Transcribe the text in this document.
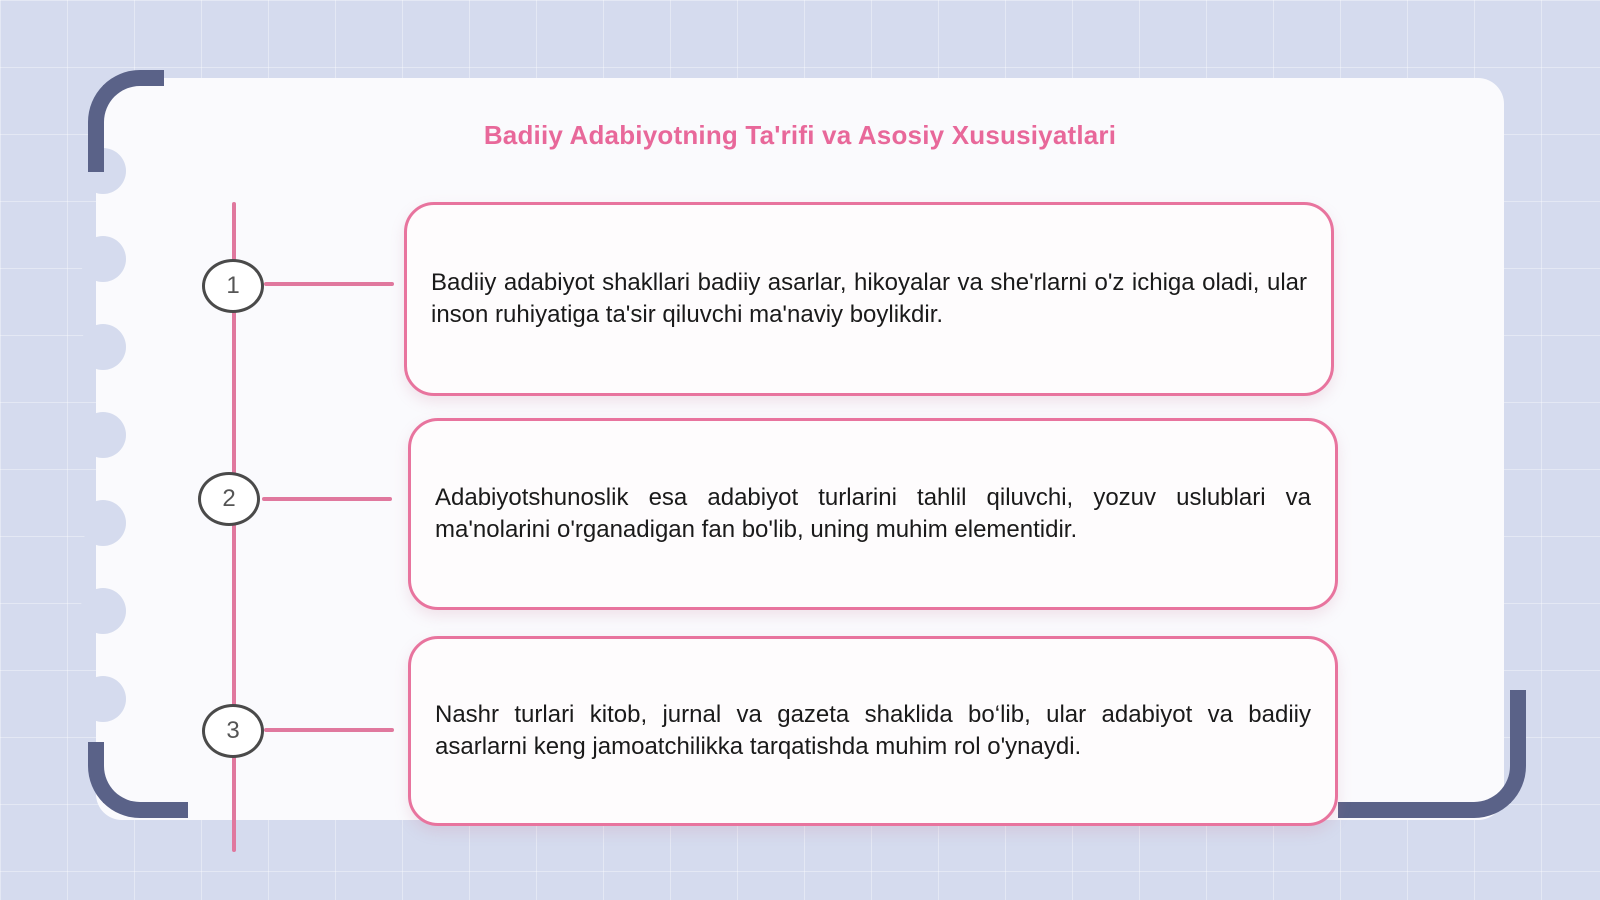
Badiiy Adabiyotning Ta'rifi va Asosiy Xususiyatlari
1
2
3

Badiiy adabiyot shakllari badiiy asarlar, hikoyalar va she'rlarni o'z ichiga oladi, ular inson ruhiyatiga ta'sir qiluvchi ma'naviy boylikdir.

Adabiyotshunoslik esa adabiyot turlarini tahlil qiluvchi, yozuv uslublari va ma'nolarini o'rganadigan fan bo'lib, uning muhim elementidir.

Nashr turlari kitob, jurnal va gazeta shaklida bo‘lib, ular adabiyot va badiiy asarlarni keng jamoatchilikka tarqatishda muhim rol o'ynaydi.
